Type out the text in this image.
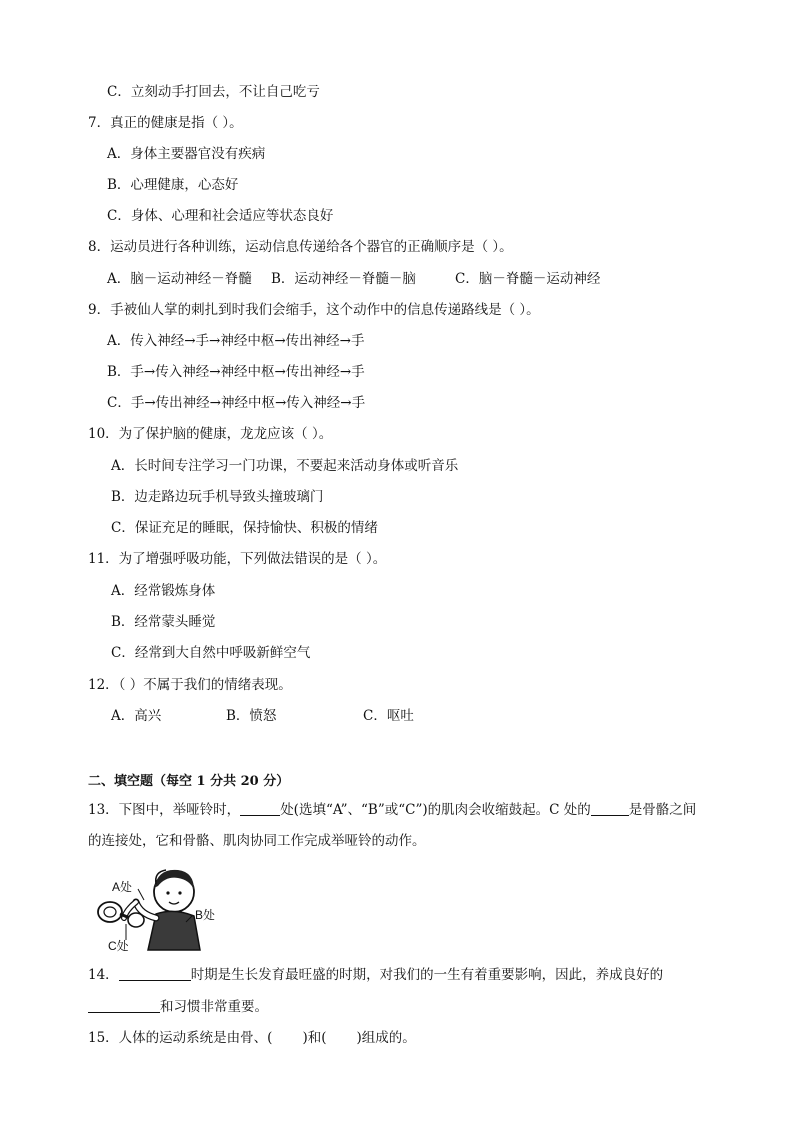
C．立刻动手打回去，不让自己吃亏
7．真正的健康是指（ ）。
A．身体主要器官没有疾病
B．心理健康，心态好
C．身体、心理和社会适应等状态良好
8．运动员进行各种训练，运动信息传递给各个器官的正确顺序是（ ）。
A．脑－运动神经－脊髓 B．运动神经－脊髓－脑	C．脑－脊髓－运动神经
9．手被仙人掌的刺扎到时我们会缩手，这个动作中的信息传递路线是（ ）。
A．传入神经→手→神经中枢→传出神经→手
B．手→传入神经→神经中枢→传出神经→手
C．手→传出神经→神经中枢→传入神经→手
10．为了保护脑的健康，龙龙应该（ ）。
A．长时间专注学习一门功课，不要起来活动身体或听音乐
B．边走路边玩手机导致头撞玻璃门
C．保证充足的睡眠，保持愉快、积极的情绪
11．为了增强呼吸功能，下列做法错误的是（ ）。
A．经常锻炼身体
B．经常蒙头睡觉
C．经常到大自然中呼吸新鲜空气
12．（ ）不属于我们的情绪表现。
A．高兴	B．愤怒	C．呕吐
二、填空题（每空 1 分共 20 分）
13．下图中，举哑铃时，	处(选填“A”、“B”或“C”)的肌肉会收缩鼓起。C 处的	是骨骼之间
的连接处，它和骨骼、肌肉协同工作完成举哑铃的动作。
A处
B处
C处
14．	时期是生长发育最旺盛的时期，对我们的一生有着重要影响，因此，养成良好的
和习惯非常重要。
15．人体的运动系统是由骨、( )和( )组成的。
